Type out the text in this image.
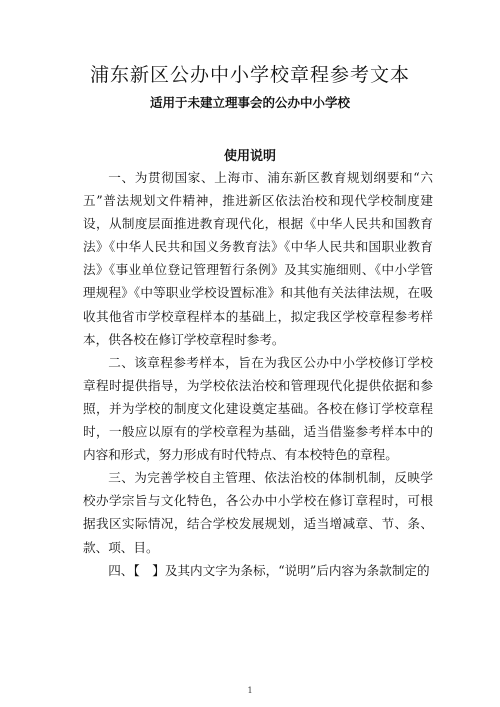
浦东新区公办中小学校章程参考文本
适用于未建立理事会的公办中小学校
使用说明

一、为贯彻国家、上海市、浦东新区教育规划纲要和“六五”普法规划文件精神，推进新区依法治校和现代学校制度建设，从制度层面推进教育现代化，根据《中华人民共和国教育法》《中华人民共和国义务教育法》《中华人民共和国职业教育法》《事业单位登记管理暂行条例》及其实施细则、《中小学管理规程》《中等职业学校设置标准》和其他有关法律法规，在吸收其他省市学校章程样本的基础上，拟定我区学校章程参考样本，供各校在修订学校章程时参考。

二、该章程参考样本，旨在为我区公办中小学校修订学校章程时提供指导，为学校依法治校和管理现代化提供依据和参照，并为学校的制度文化建设奠定基础。各校在修订学校章程时，一般应以原有的学校章程为基础，适当借鉴参考样本中的内容和形式，努力形成有时代特点、有本校特色的章程。

三、为完善学校自主管理、依法治校的体制机制，反映学校办学宗旨与文化特色，各公办中小学校在修订章程时，可根据我区实际情况，结合学校发展规划，适当增减章、节、条、款、项、目。

四、【　】及其内文字为条标，“说明”后内容为条款制定的

1
